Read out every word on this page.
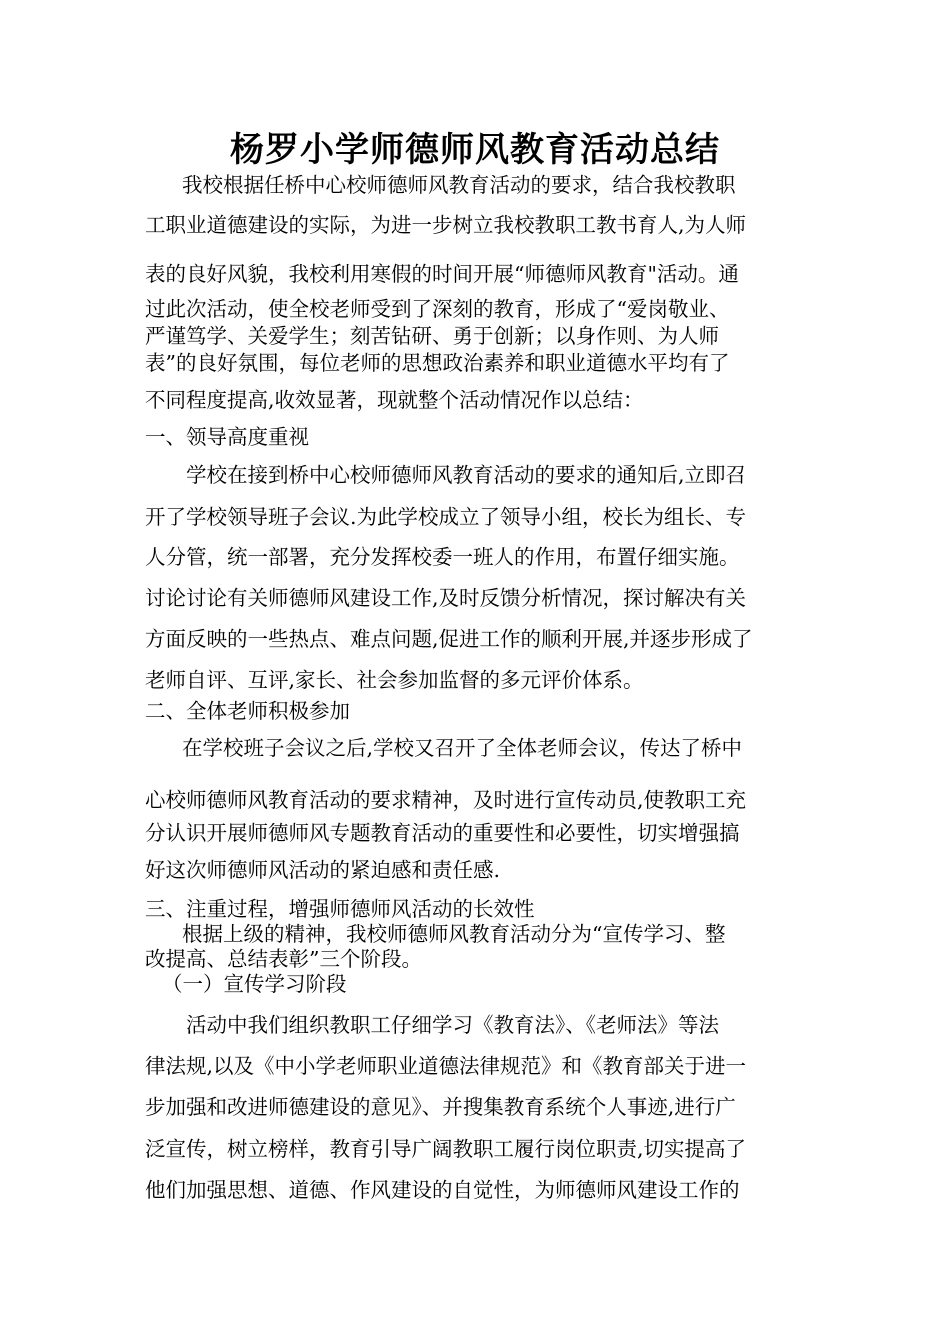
杨罗小学师德师风教育活动总结
我校根据任桥中心校师德师风教育活动的要求，结合我校教职
工职业道德建设的实际，为进一步树立我校教职工教书育人,为人师
表的良好风貌，我校利用寒假的时间开展“师德师风教育"活动。通
过此次活动，使全校老师受到了深刻的教育，形成了“爱岗敬业、
严谨笃学、关爱学生；刻苦钻研、勇于创新；以身作则、为人师
表”的良好氛围，每位老师的思想政治素养和职业道德水平均有了
不同程度提高,收效显著，现就整个活动情况作以总结：
一、领导高度重视
学校在接到桥中心校师德师风教育活动的要求的通知后,立即召
开了学校领导班子会议.为此学校成立了领导小组，校长为组长、专
人分管，统一部署，充分发挥校委一班人的作用，布置仔细实施。
讨论讨论有关师德师风建设工作,及时反馈分析情况，探讨解决有关
方面反映的一些热点、难点问题,促进工作的顺利开展,并逐步形成了
老师自评、互评,家长、社会参加监督的多元评价体系。
二、全体老师积极参加
在学校班子会议之后,学校又召开了全体老师会议，传达了桥中
心校师德师风教育活动的要求精神，及时进行宣传动员,使教职工充
分认识开展师德师风专题教育活动的重要性和必要性，切实增强搞
好这次师德师风活动的紧迫感和责任感.
三、注重过程，增强师德师风活动的长效性
根据上级的精神，我校师德师风教育活动分为“宣传学习、整
改提高、总结表彰”三个阶段。
（一）宣传学习阶段
活动中我们组织教职工仔细学习《教育法》、《老师法》等法
律法规,以及《中小学老师职业道德法律规范》和《教育部关于进一
步加强和改进师德建设的意见》、并搜集教育系统个人事迹,进行广
泛宣传，树立榜样，教育引导广阔教职工履行岗位职责,切实提高了
他们加强思想、道德、作风建设的自觉性，为师德师风建设工作的
